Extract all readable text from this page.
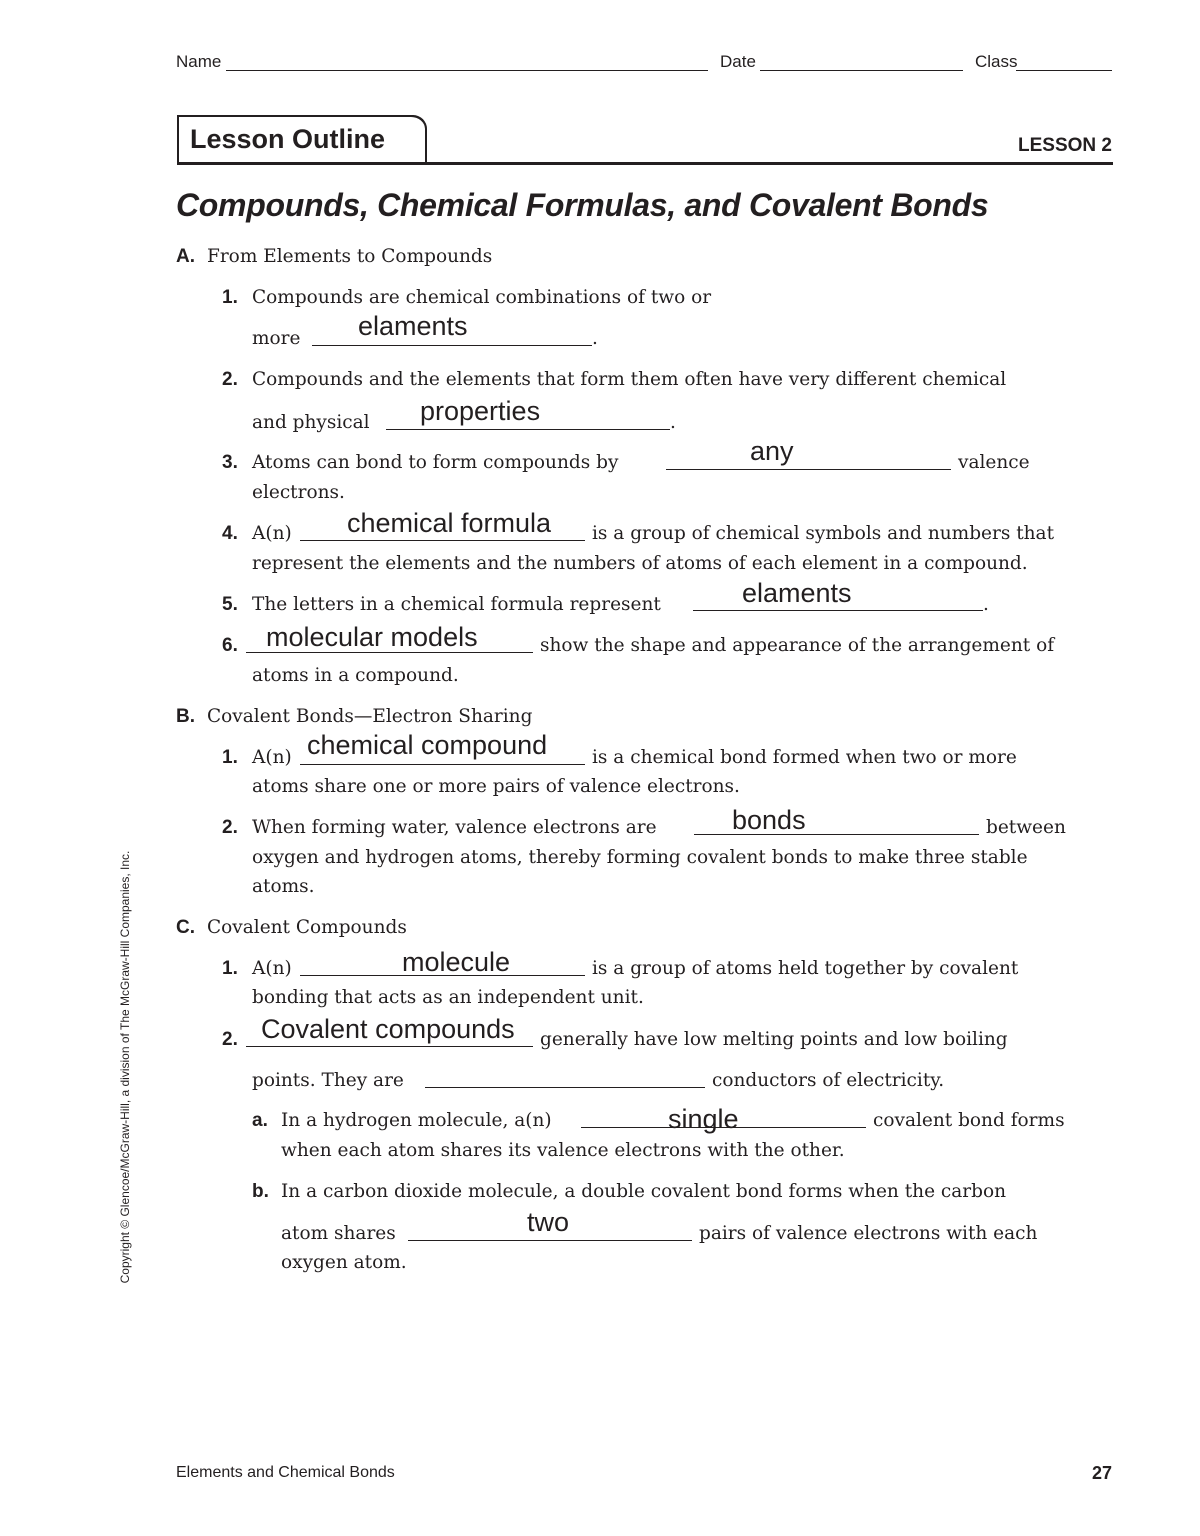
Name	Date	Class
Lesson Outline	LESSON 2
Compounds, Chemical Formulas, and Covalent Bonds
A. From Elements to Compounds
1. Compounds are chemical combinations of two or
more	.
elaments
2. Compounds and the elements that form them often have very different chemical
and physical	.
properties
3. Atoms can bond to form compounds by	valence
any
electrons.
4. A(n)	is a group of chemical symbols and numbers that
chemical formula
represent the elements and the numbers of atoms of each element in a compound.
5. The letters in a chemical formula represent	.
elaments
6.	show the shape and appearance of the arrangement of
molecular models
atoms in a compound.
B. Covalent Bonds—Electron Sharing
1. A(n)	is a chemical bond formed when two or more
chemical compound
atoms share one or more pairs of valence electrons.
2. When forming water, valence electrons are	between
bonds
oxygen and hydrogen atoms, thereby forming covalent bonds to make three stable
atoms.
C. Covalent Compounds
1. A(n)	is a group of atoms held together by covalent
molecule
bonding that acts as an independent unit.
2.	generally have low melting points and low boiling
Covalent compounds
points. They are	conductors of electricity.
a. In a hydrogen molecule, a(n)	covalent bond forms
single
when each atom shares its valence electrons with the other.
b. In a carbon dioxide molecule, a double covalent bond forms when the carbon
atom shares	pairs of valence electrons with each
two
oxygen atom.
Copyright © Glencoe/McGraw-Hill, a division of The McGraw-Hill Companies, Inc.
Elements and Chemical Bonds	27
